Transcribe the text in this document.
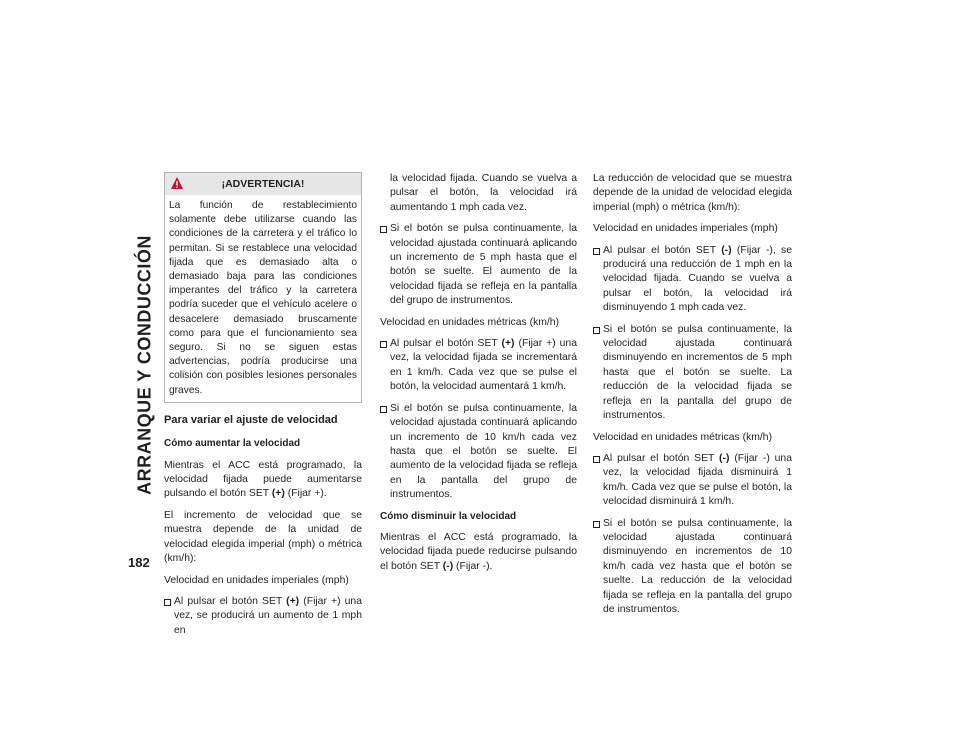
ARRANQUE Y CONDUCCIÓN
182
¡ADVERTENCIA!
La función de restablecimiento solamente debe utilizarse cuando las condiciones de la carretera y el tráfico lo permitan. Si se restablece una velocidad fijada que es demasiado alta o demasiado baja para las condiciones imperantes del tráfico y la carretera podría suceder que el vehículo acelere o desacelere demasiado bruscamente como para que el funcionamiento sea seguro. Si no se siguen estas advertencias, podría producirse una colisión con posibles lesiones personales graves.
Para variar el ajuste de velocidad
Cómo aumentar la velocidad

Mientras el ACC está programado, la velocidad fijada puede aumentarse pulsando el botón SET (+) (Fijar +).

El incremento de velocidad que se muestra depende de la unidad de velocidad elegida imperial (mph) o métrica (km/h):

Velocidad en unidades imperiales (mph)

Al pulsar el botón SET (+) (Fijar +) una vez, se producirá un aumento de 1 mph en

la velocidad fijada. Cuando se vuelva a pulsar el botón, la velocidad irá aumentando 1 mph cada vez.

Si el botón se pulsa continuamente, la velocidad ajustada continuará aplicando un incremento de 5 mph hasta que el botón se suelte. El aumento de la velocidad fijada se refleja en la pantalla del grupo de instrumentos.

Velocidad en unidades métricas (km/h)

Al pulsar el botón SET (+) (Fijar +) una vez, la velocidad fijada se incrementará en 1 km/h. Cada vez que se pulse el botón, la velocidad aumentará 1 km/h.
Si el botón se pulsa continuamente, la velocidad ajustada continuará aplicando un incremento de 10 km/h cada vez hasta que el botón se suelte. El aumento de la velocidad fijada se refleja en la pantalla del grupo de instrumentos.
Cómo disminuir la velocidad

Mientras el ACC está programado, la velocidad fijada puede reducirse pulsando el botón SET (-) (Fijar -).

La reducción de velocidad que se muestra depende de la unidad de velocidad elegida imperial (mph) o métrica (km/h):

Velocidad en unidades imperiales (mph)

Al pulsar el botón SET (-) (Fijar -), se producirá una reducción de 1 mph en la velocidad fijada. Cuando se vuelva a pulsar el botón, la velocidad irá disminuyendo 1 mph cada vez.
Si el botón se pulsa continuamente, la velocidad ajustada continuará disminuyendo en incrementos de 5 mph hasta que el botón se suelte. La reducción de la velocidad fijada se refleja en la pantalla del grupo de instrumentos.

Velocidad en unidades métricas (km/h)

Al pulsar el botón SET (-) (Fijar -) una vez, la velocidad fijada disminuirá 1 km/h. Cada vez que se pulse el botón, la velocidad disminuirá 1 km/h.
Si el botón se pulsa continuamente, la velocidad ajustada continuará disminuyendo en incrementos de 10 km/h cada vez hasta que el botón se suelte. La reducción de la velocidad fijada se refleja en la pantalla del grupo de instrumentos.
